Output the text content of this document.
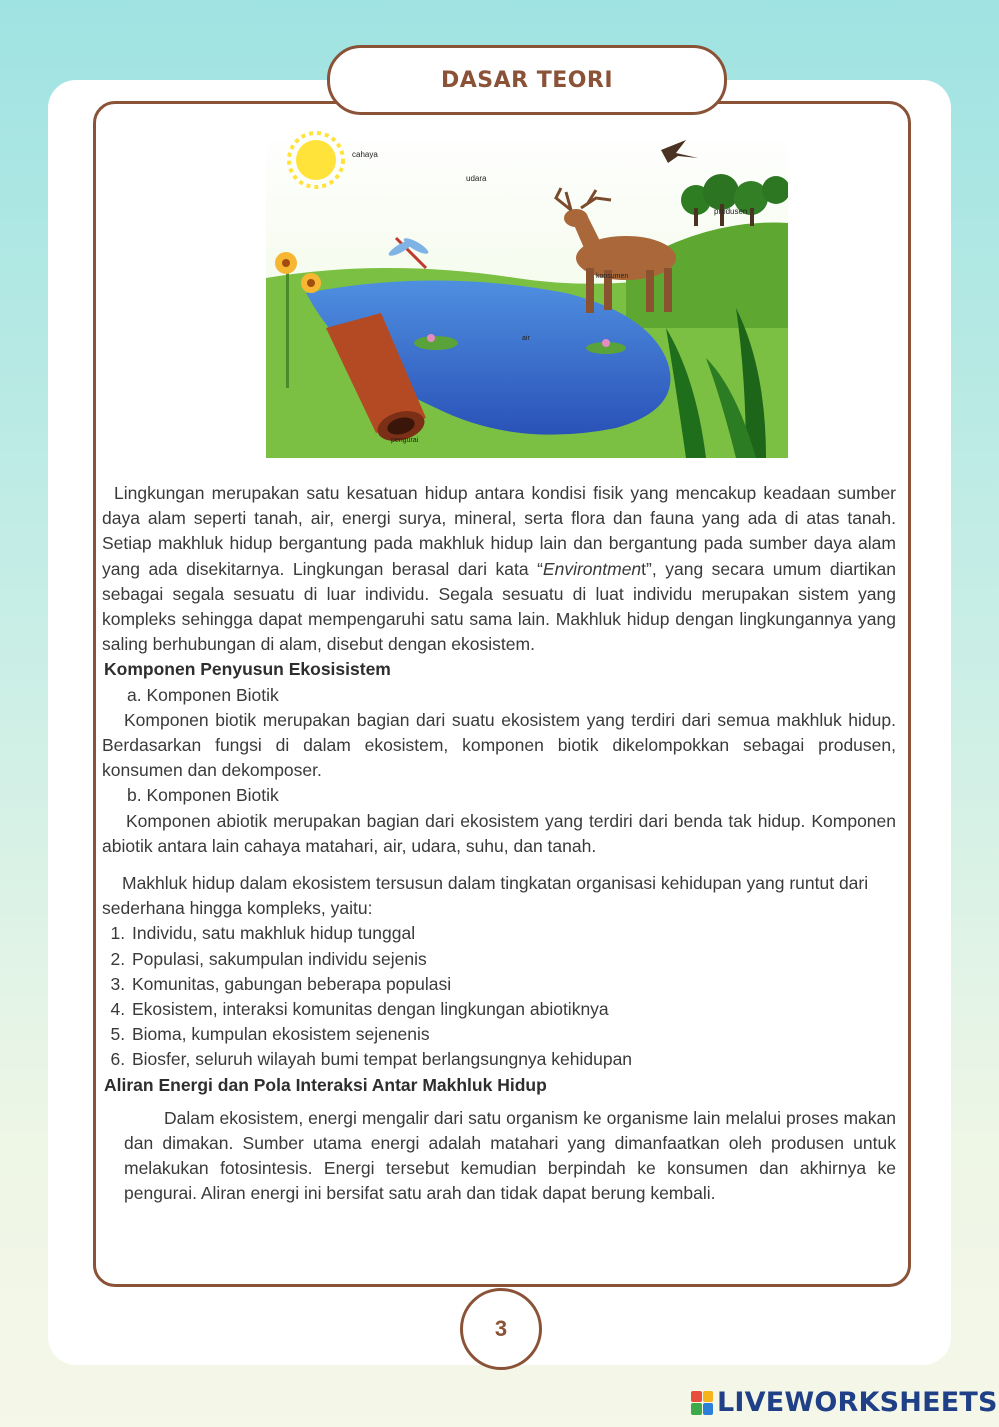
DASAR TEORI
cahaya
udara
produsen
konsumen
air
pengurai

Lingkungan merupakan satu kesatuan hidup antara kondisi fisik yang mencakup keadaan sumber daya alam seperti tanah, air, energi surya, mineral, serta flora dan fauna yang ada di atas tanah. Setiap makhluk hidup bergantung pada makhluk hidup lain dan bergantung pada sumber daya alam yang ada disekitarnya. Lingkungan berasal dari kata “Environtment”, yang secara umum diartikan sebagai segala sesuatu di luar individu. Segala sesuatu di luat individu merupakan sistem yang kompleks sehingga dapat mempengaruhi satu sama lain. Makhluk hidup dengan lingkungannya yang saling berhubungan di alam, disebut dengan ekosistem.

Komponen Penyusun Ekosisistem
a. Komponen Biotik

Komponen biotik merupakan bagian dari suatu ekosistem yang terdiri dari semua makhluk hidup. Berdasarkan fungsi di dalam ekosistem, komponen biotik dikelompokkan sebagai produsen, konsumen dan dekomposer.

b. Komponen Biotik

Komponen abiotik merupakan bagian dari ekosistem yang terdiri dari benda tak hidup. Komponen abiotik antara lain cahaya matahari, air, udara, suhu, dan tanah.

Makhluk hidup dalam ekosistem tersusun dalam tingkatan organisasi kehidupan yang runtut dari sederhana hingga kompleks, yaitu:

1. Individu, satu makhluk hidup tunggal
2. Populasi, sakumpulan individu sejenis
3. Komunitas, gabungan beberapa populasi
4. Ekosistem, interaksi komunitas dengan lingkungan abiotiknya
5. Bioma, kumpulan ekosistem sejenenis
6. Biosfer, seluruh wilayah bumi tempat berlangsungnya kehidupan
Aliran Energi dan Pola Interaksi Antar Makhluk Hidup

Dalam ekosistem, energi mengalir dari satu organism ke organisme lain melalui proses makan dan dimakan. Sumber utama energi adalah matahari yang dimanfaatkan oleh produsen untuk melakukan fotosintesis. Energi tersebut kemudian berpindah ke konsumen dan akhirnya ke pengurai. Aliran energi ini bersifat satu arah dan tidak dapat berung kembali.

3
LIVEWORKSHEETS
